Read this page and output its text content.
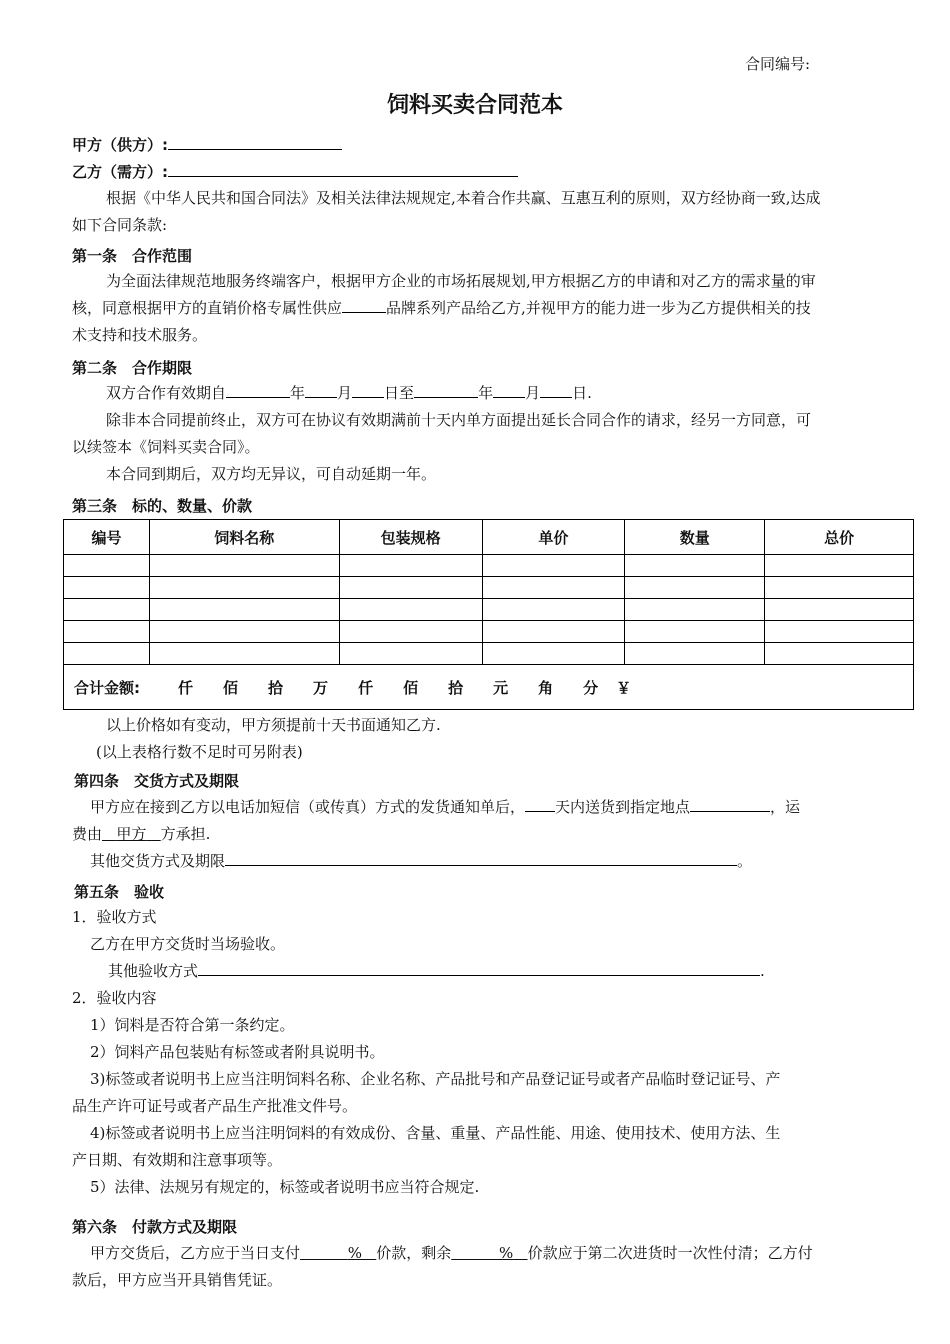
合同编号:
饲料买卖合同范本
甲方（供方）:
乙方（需方）:
根据《中华人民共和国合同法》及相关法律法规规定,本着合作共赢、互惠互利的原则，双方经协商一致,达成
如下合同条款:
第一条　合作范围
为全面法律规范地服务终端客户，根据甲方企业的市场拓展规划,甲方根据乙方的申请和对乙方的需求量的审
核，同意根据甲方的直销价格专属性供应	品牌系列产品给乙方,并视甲方的能力进一步为乙方提供相关的技
术支持和技术服务。
第二条　合作期限
双方合作有效期自	年 月 日至	年 月 日.
除非本合同提前终止，双方可在协议有效期满前十天内单方面提出延长合同合作的请求，经另一方同意，可
以续签本《饲料买卖合同》。
本合同到期后，双方均无异议，可自动延期一年。
第三条　标的、数量、价款
编号	饲料名称	包装规格	单价	数量	总价

合计金额: 仟 佰 拾 万 仟 佰 拾 元 角 分 ￥					
以上价格如有变动，甲方须提前十天书面通知乙方.
(以上表格行数不足时可另附表)
第四条　交货方式及期限
甲方应在接到乙方以电话加短信（或传真）方式的发货通知单后， 天内送货到指定地点	，运
费由 甲方 方承担.
其他交货方式及期限	。
第五条　验收
1．验收方式
乙方在甲方交货时当场验收。
其他验收方式	.
2．验收内容
1）饲料是否符合第一条约定。
2）饲料产品包装贴有标签或者附具说明书。
3)标签或者说明书上应当注明饲料名称、企业名称、产品批号和产品登记证号或者产品临时登记证号、产
品生产许可证号或者产品生产批准文件号。
4)标签或者说明书上应当注明饲料的有效成份、含量、重量、产品性能、用途、使用技术、使用方法、生
产日期、有效期和注意事项等。
5）法律、法规另有规定的，标签或者说明书应当符合规定.
第六条　付款方式及期限
甲方交货后，乙方应于当日支付	% 价款，剩余	% 价款应于第二次进货时一次性付清；乙方付
款后，甲方应当开具销售凭证。
